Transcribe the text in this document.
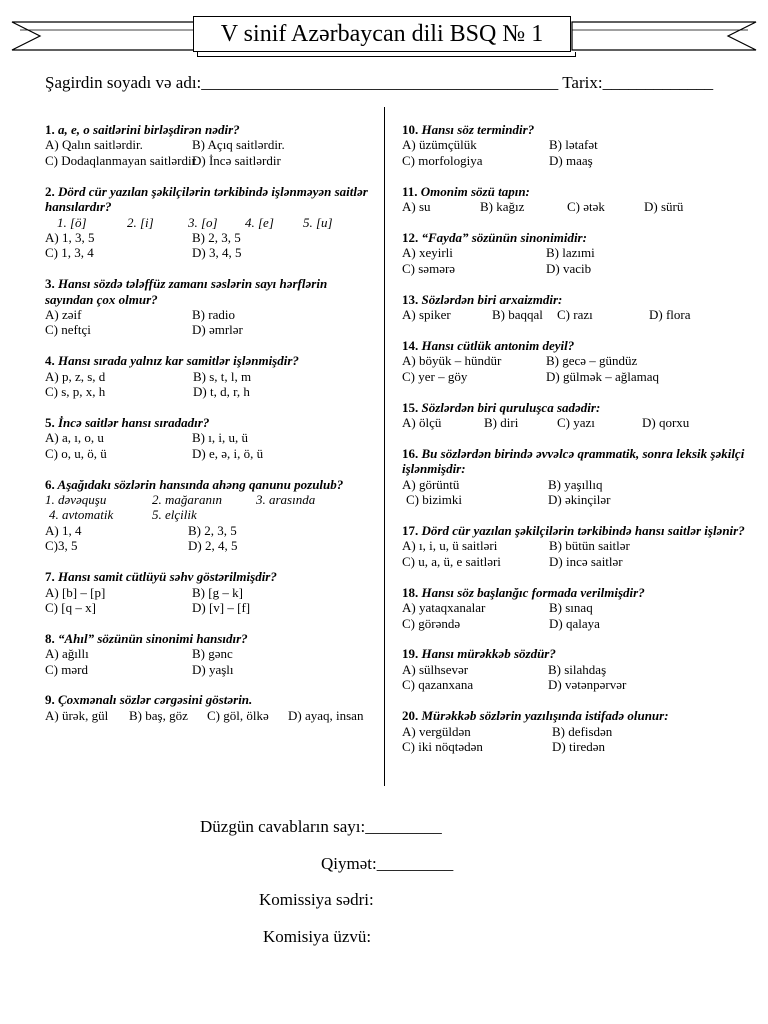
V sinif Azərbaycan dili BSQ № 1
Şagirdin soyadı və adı:__________________________________________ Tarix:_____________
1. a, e, o saitlərini birləşdirən nədir?
A) Qalın saitlərdir.	B) Açıq saitlərdir.
C) Dodaqlanmayan saitlərdir
D) İncə saitlərdir
2. Dörd cür yazılan şəkilçilərin tərkibində işlənməyən saitlər hansılardır?
1. [ö]	2. [i]	3. [o] 4. [e] 5. [u]
A) 1, 3, 5	B) 2, 3, 5
C) 1, 3, 4	D) 3, 4, 5
3. Hansı sözdə tələffüz zamanı səslərin sayı hərflərin sayından çox olmur?
A) zəif	B) radio
C) neftçi	D) əmrlər
4. Hansı sırada yalnız kar samitlər işlənmişdir?
A) p, z, s, d	B) s, t, l, m
C) s, p, x, h	D) t, d, r, h
5. İncə saitlər hansı sıradadır?
A) a, ı, o, u	B) ı, i, u, ü
C) o, u, ö, ü	D) e, ə, i, ö, ü
6. Aşağıdakı sözlərin hansında ahəng qanunu pozulub?
1. dəvəquşu	2. mağaranın	3. arasında
4. avtomatik	5. elçilik
A) 1, 4	B) 2, 3, 5
C)3, 5	D) 2, 4, 5
7. Hansı samit cütlüyü səhv göstərilmişdir?
A) [b] – [p]	B) [g – k]
C) [q – x]	D) [v] – [f]
8. “Ahıl” sözünün sinonimi hansıdır?
A) ağıllı	B) gənc
C) mərd	D) yaşlı
9. Çoxmənalı sözlər cərgəsini göstərin.
A) ürək, gül B) baş, göz C) göl, ölkə D) ayaq, insan
10. Hansı söz termindir?
A) üzümçülük	B) lətafət
C) morfologiya	D) maaş
11. Omonim sözü tapın:
A) su	B) kağız	C) ətək	D) sürü
12. “Fayda” sözünün sinonimidir:
A) xeyirli	B) lazımi
C) səmərə	D) vacib
13. Sözlərdən biri arxaizmdir:
A) spiker	B) baqqal C) razı	D) flora
14. Hansı cütlük antonim deyil?
A) böyük – hündür	B) gecə – gündüz
C) yer – göy	D) gülmək – ağlamaq
15. Sözlərdən biri quruluşca sadədir:
A) ölçü	B) diri	C) yazı	D) qorxu
16. Bu sözlərdən birində əvvəlcə qrammatik, sonra leksik şəkilçi işlənmişdir:
A) görüntü	B) yaşıllıq
C) bizimki	D) əkinçilər
17. Dörd cür yazılan şəkilçilərin tərkibində hansı saitlər işlənir?
A) ı, i, u, ü saitləri	B) bütün saitlər
C) u, a, ü, e saitləri	D) incə saitlər
18. Hansı söz başlanğıc formada verilmişdir?
A) yataqxanalar	B) sınaq
C) görəndə	D) qalaya
19. Hansı mürəkkəb sözdür?
A) sülhsevər	B) silahdaş
C) qazanxana	D) vətənpərvər
20. Mürəkkəb sözlərin yazılışında istifadə olunur:
A) vergüldən	B) defisdən
C) iki nöqtədən	D) tiredən
Düzgün cavabların sayı:_________
Qiymət:_________
Komissiya sədri:
Komisiya üzvü:
